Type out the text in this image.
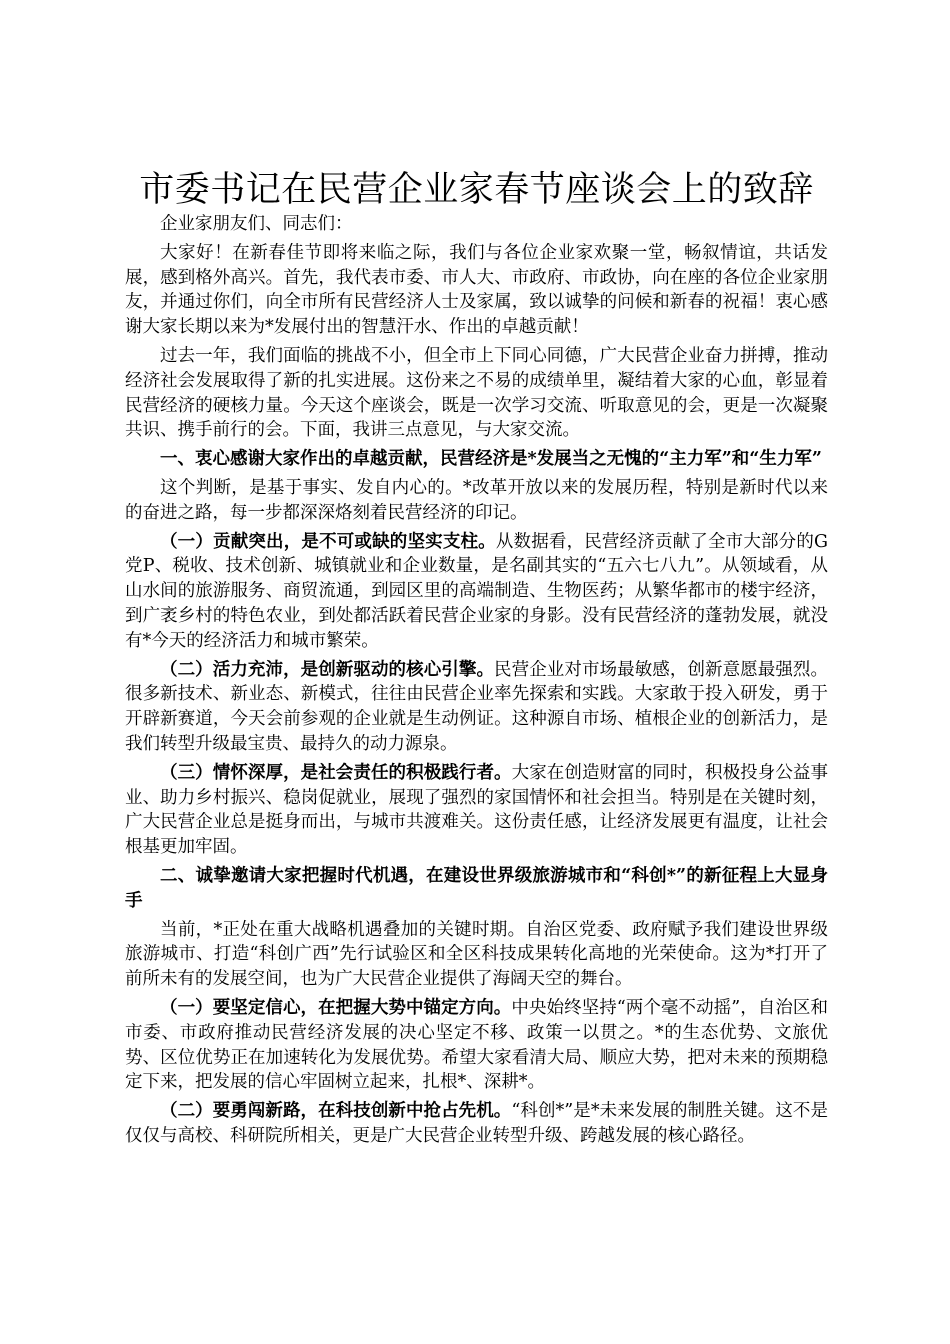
市委书记在民营企业家春节座谈会上的致辞

企业家朋友们、同志们：

大家好！在新春佳节即将来临之际，我们与各位企业家欢聚一堂，畅叙情谊，共话发展，感到格外高兴。首先，我代表市委、市人大、市政府、市政协，向在座的各位企业家朋友，并通过你们，向全市所有民营经济人士及家属，致以诚挚的问候和新春的祝福！衷心感谢大家长期以来为*发展付出的智慧汗水、作出的卓越贡献！

过去一年，我们面临的挑战不小，但全市上下同心同德，广大民营企业奋力拼搏，推动经济社会发展取得了新的扎实进展。这份来之不易的成绩单里，凝结着大家的心血，彰显着民营经济的硬核力量。今天这个座谈会，既是一次学习交流、听取意见的会，更是一次凝聚共识、携手前行的会。下面，我讲三点意见，与大家交流。

一、衷心感谢大家作出的卓越贡献，民营经济是*发展当之无愧的“主力军”和“生力军”

这个判断，是基于事实、发自内心的。*改革开放以来的发展历程，特别是新时代以来的奋进之路，每一步都深深烙刻着民营经济的印记。

（一）贡献突出，是不可或缺的坚实支柱。从数据看，民营经济贡献了全市大部分的G党P、税收、技术创新、城镇就业和企业数量，是名副其实的“五六七八九”。从领域看，从山水间的旅游服务、商贸流通，到园区里的高端制造、生物医药；从繁华都市的楼宇经济，到广袤乡村的特色农业，到处都活跃着民营企业家的身影。没有民营经济的蓬勃发展，就没有*今天的经济活力和城市繁荣。

（二）活力充沛，是创新驱动的核心引擎。民营企业对市场最敏感，创新意愿最强烈。很多新技术、新业态、新模式，往往由民营企业率先探索和实践。大家敢于投入研发，勇于开辟新赛道，今天会前参观的企业就是生动例证。这种源自市场、植根企业的创新活力，是我们转型升级最宝贵、最持久的动力源泉。

（三）情怀深厚，是社会责任的积极践行者。大家在创造财富的同时，积极投身公益事业、助力乡村振兴、稳岗促就业，展现了强烈的家国情怀和社会担当。特别是在关键时刻，广大民营企业总是挺身而出，与城市共渡难关。这份责任感，让经济发展更有温度，让社会根基更加牢固。

二、诚挚邀请大家把握时代机遇，在建设世界级旅游城市和“科创*”的新征程上大显身手

当前，*正处在重大战略机遇叠加的关键时期。自治区党委、政府赋予我们建设世界级旅游城市、打造“科创广西”先行试验区和全区科技成果转化高地的光荣使命。这为*打开了前所未有的发展空间，也为广大民营企业提供了海阔天空的舞台。

（一）要坚定信心，在把握大势中锚定方向。中央始终坚持“两个毫不动摇”，自治区和市委、市政府推动民营经济发展的决心坚定不移、政策一以贯之。*的生态优势、文旅优势、区位优势正在加速转化为发展优势。希望大家看清大局、顺应大势，把对未来的预期稳定下来，把发展的信心牢固树立起来，扎根*、深耕*。

（二）要勇闯新路，在科技创新中抢占先机。“科创*”是*未来发展的制胜关键。这不是仅仅与高校、科研院所相关，更是广大民营企业转型升级、跨越发展的核心路径。
